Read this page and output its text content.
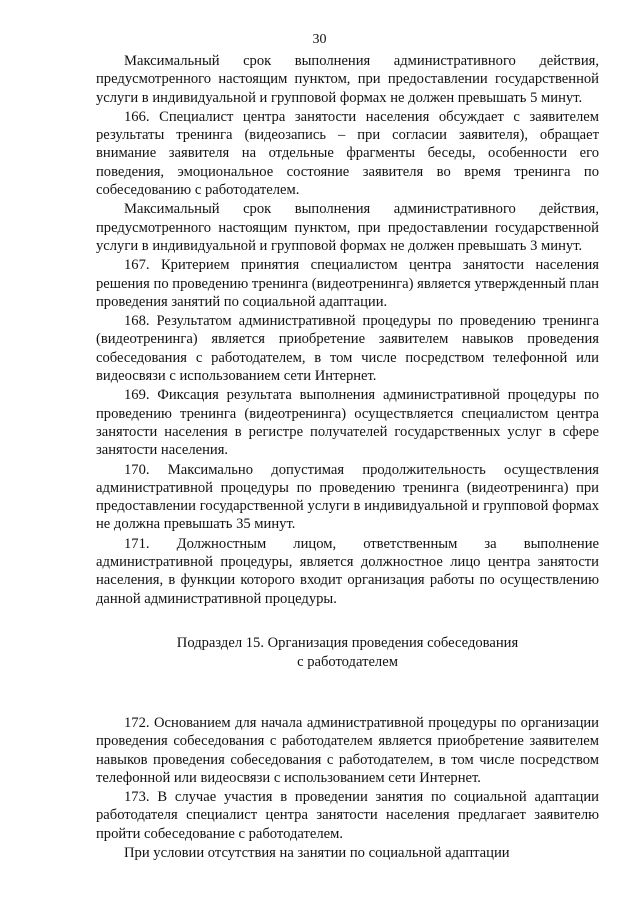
30

Максимальный срок выполнения административного действия, предусмотренного настоящим пунктом, при предоставлении государственной услуги в индивидуальной и групповой формах не должен превышать 5 минут.

166. Специалист центра занятости населения обсуждает с заявителем результаты тренинга (видеозапись – при согласии заявителя), обращает внимание заявителя на отдельные фрагменты беседы, особенности его поведения, эмоциональное состояние заявителя во время тренинга по собеседованию с работодателем.

Максимальный срок выполнения административного действия, предусмотренного настоящим пунктом, при предоставлении государственной услуги в индивидуальной и групповой формах не должен превышать 3 минут.

167. Критерием принятия специалистом центра занятости населения решения по проведению тренинга (видеотренинга) является утвержденный план проведения занятий по социальной адаптации.

168. Результатом административной процедуры по проведению тренинга (видеотренинга) является приобретение заявителем навыков проведения собеседования с работодателем, в том числе посредством телефонной или видеосвязи с использованием сети Интернет.

169. Фиксация результата выполнения административной процедуры по проведению тренинга (видеотренинга) осуществляется специалистом центра занятости населения в регистре получателей государственных услуг в сфере занятости населения.

170. Максимально допустимая продолжительность осуществления административной процедуры по проведению тренинга (видеотренинга) при предоставлении государственной услуги в индивидуальной и групповой формах не должна превышать 35 минут.

171. Должностным лицом, ответственным за выполнение административной процедуры, является должностное лицо центра занятости населения, в функции которого входит организация работы по осуществлению данной административной процедуры.

Подраздел 15. Организация проведения собеседования
с работодателем

172. Основанием для начала административной процедуры по организации проведения собеседования с работодателем является приобретение заявителем навыков проведения собеседования с работодателем, в том числе посредством телефонной или видеосвязи с использованием сети Интернет.

173. В случае участия в проведении занятия по социальной адаптации работодателя специалист центра занятости населения предлагает заявителю пройти собеседование с работодателем.

При условии отсутствия на занятии по социальной адаптации
